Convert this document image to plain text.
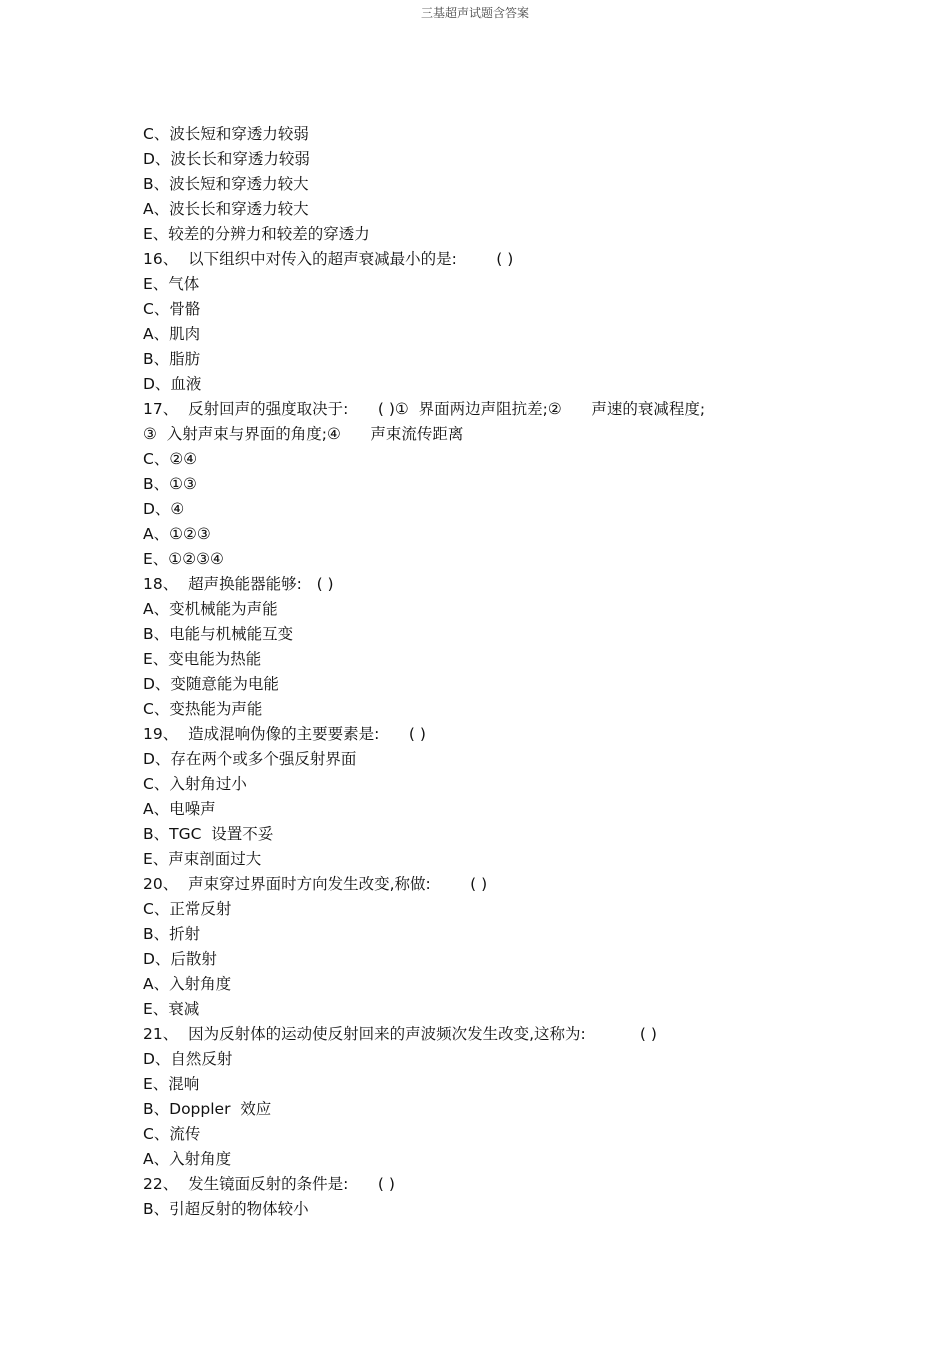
三基超声试题含答案
C、波长短和穿透力较弱
D、波长长和穿透力较弱
B、波长短和穿透力较大
A、波长长和穿透力较大
E、较差的分辨力和较差的穿透力
16、  以下组织中对传入的超声衰减最小的是:        ( )
E、气体
C、骨骼
A、肌肉
B、脂肪
D、血液
17、  反射回声的强度取决于:      ( )①  界面两边声阻抗差;②      声速的衰减程度;
③  入射声束与界面的角度;④      声束流传距离
C、②④
B、①③
D、④
A、①②③
E、①②③④
18、  超声换能器能够:   ( )
A、变机械能为声能
B、电能与机械能互变
E、变电能为热能
D、变随意能为电能
C、变热能为声能
19、  造成混响伪像的主要要素是:      ( )
D、存在两个或多个强反射界面
C、入射角过小
A、电噪声
B、TGC  设置不妥
E、声束剖面过大
20、  声束穿过界面时方向发生改变,称做:        ( )
C、正常反射
B、折射
D、后散射
A、入射角度
E、衰减
21、  因为反射体的运动使反射回来的声波频次发生改变,这称为:           ( )
D、自然反射
E、混响
B、Doppler  效应
C、流传
A、入射角度
22、  发生镜面反射的条件是:      ( )
B、引超反射的物体较小
